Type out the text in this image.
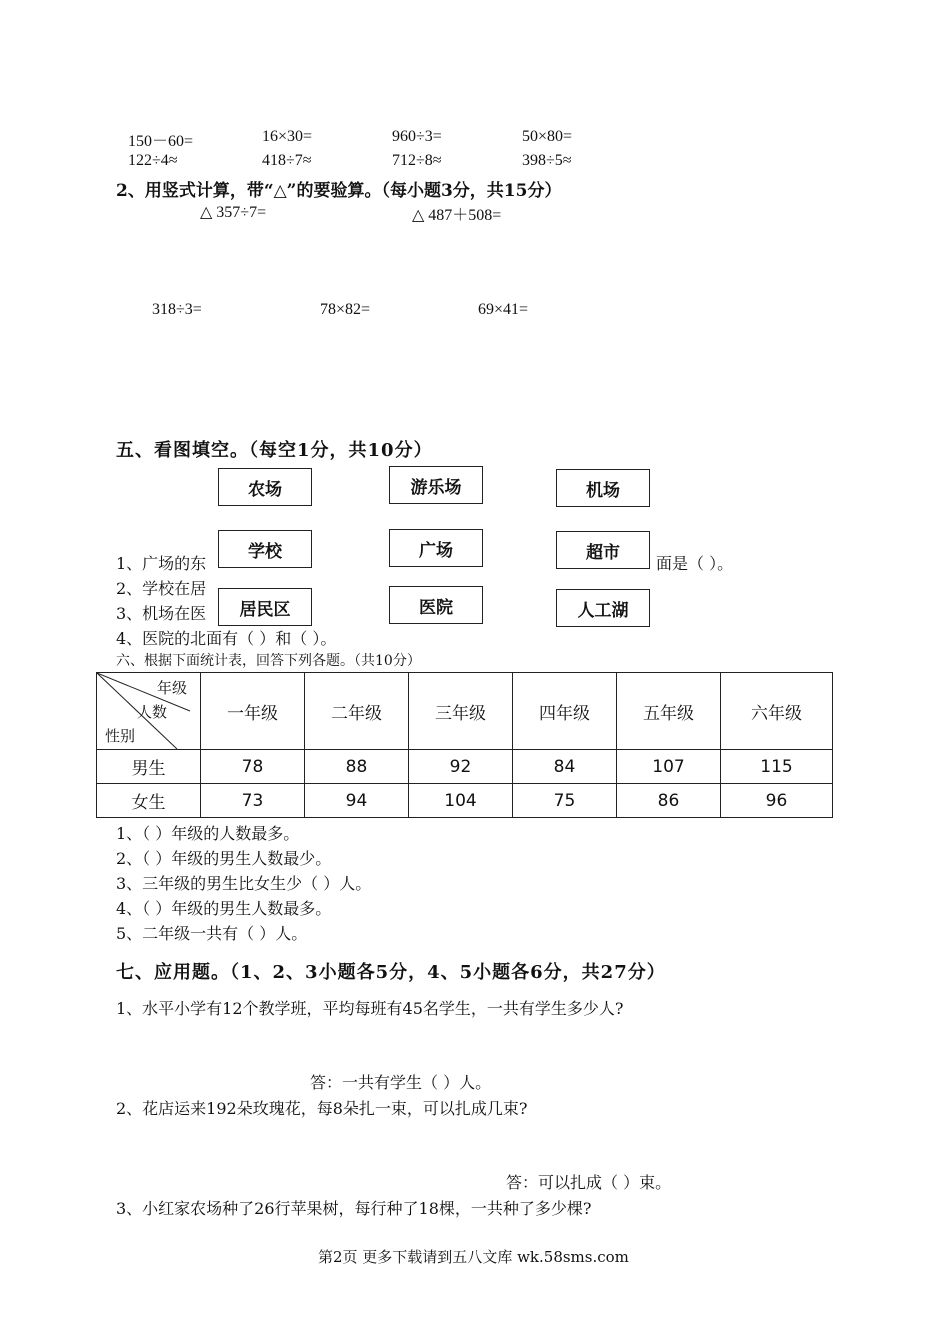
150－60=	16×30=	960÷3=	50×80=
122÷4≈	418÷7≈	712÷8≈	398÷5≈
2、用竖式计算，带“△”的要验算。（每小题3分，共15分）
△ 357÷7=	△ 487＋508=
318÷3=	78×82=	69×41=
五、看图填空。（每空1分，共10分）
1、广场的东	面是（ ）。
2、学校在居
3、机场在医
4、医院的北面有（ ）和（ ）。
农场	游乐场	机场
学校	广场	超市
居民区	医院	人工湖
六、根据下面统计表，回答下列各题。（共10分）
年级
人数
性别	一年级	二年级	三年级	四年级	五年级	六年级
男生	78	88	92	84	107	115
女生	73	94	104	75	86	96
1、（ ）年级的人数最多。
2、（ ）年级的男生人数最少。
3、三年级的男生比女生少（ ）人。
4、（ ）年级的男生人数最多。
5、二年级一共有（ ）人。
七、应用题。（1、2、3小题各5分，4、5小题各6分，共27分）
1、水平小学有12个教学班，平均每班有45名学生，一共有学生多少人?
答：一共有学生（ ）人。
2、花店运来192朵玫瑰花，每8朵扎一束，可以扎成几束?
答：可以扎成（ ）束。
3、小红家农场种了26行苹果树，每行种了18棵，一共种了多少棵?
第2页 更多下载请到五八文库 wk.58sms.com
